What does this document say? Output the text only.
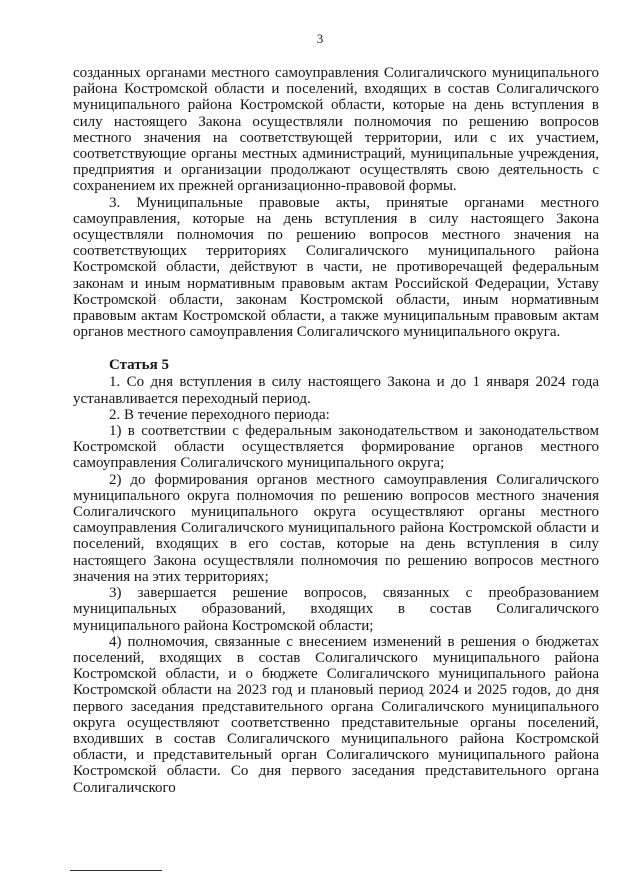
3

созданных органами местного самоуправления Солигаличского муниципального района Костромской области и поселений, входящих в состав Солигаличского муниципального района Костромской области, которые на день вступления в силу настоящего Закона осуществляли полномочия по решению вопросов местного значения на соответствующей территории, или с их участием, соответствующие органы местных администраций, муниципальные учреждения, предприятия и организации продолжают осуществлять свою деятельность с сохранением их прежней организационно-правовой формы.

3. Муниципальные правовые акты, принятые органами местного самоуправления, которые на день вступления в силу настоящего Закона осуществляли полномочия по решению вопросов местного значения на соответствующих территориях Солигаличского муниципального района Костромской области, действуют в части, не противоречащей федеральным законам и иным нормативным правовым актам Российской Федерации, Уставу Костромской области, законам Костромской области, иным нормативным правовым актам Костромской области, а также муниципальным правовым актам органов местного самоуправления Солигаличского муниципального округа.

Статья 5

1. Со дня вступления в силу настоящего Закона и до 1 января 2024 года устанавливается переходный период.

2. В течение переходного периода:

1) в соответствии с федеральным законодательством и законодательством Костромской области осуществляется формирование органов местного самоуправления Солигаличского муниципального округа;

2) до формирования органов местного самоуправления Солигаличского муниципального округа полномочия по решению вопросов местного значения Солигаличского муниципального округа осуществляют органы местного самоуправления Солигаличского муниципального района Костромской области и поселений, входящих в его состав, которые на день вступления в силу настоящего Закона осуществляли полномочия по решению вопросов местного значения на этих территориях;

3) завершается решение вопросов, связанных с преобразованием муниципальных образований, входящих в состав Солигаличского муниципального района Костромской области;

4) полномочия, связанные с внесением изменений в решения о бюджетах поселений, входящих в состав Солигаличского муниципального района Костромской области, и о бюджете Солигаличского муниципального района Костромской области на 2023 год и плановый период 2024 и 2025 годов, до дня первого заседания представительного органа Солигаличского муниципального округа осуществляют соответственно представительные органы поселений, входивших в состав Солигаличского муниципального района Костромской области, и представительный орган Солигаличского муниципального района Костромской области. Со дня первого заседания представительного органа Солигаличского
